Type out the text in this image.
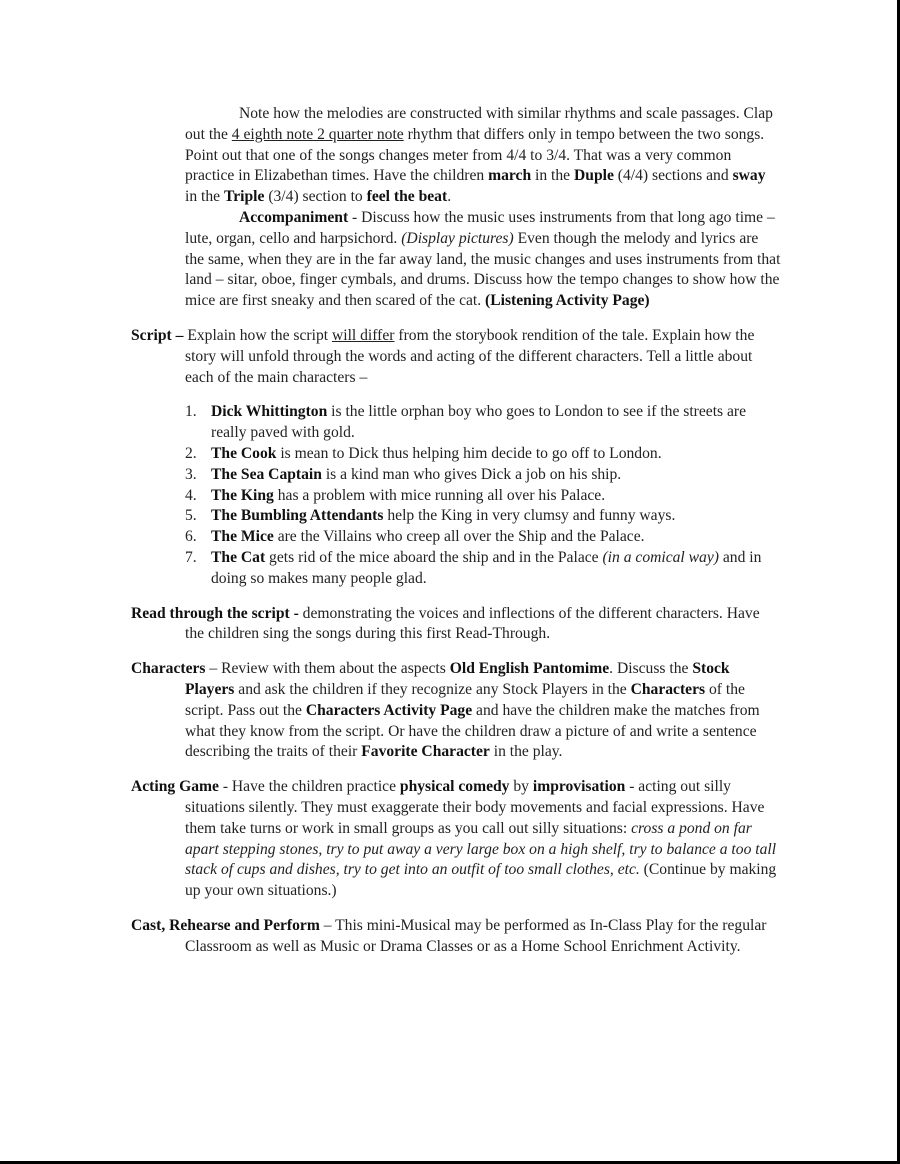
Note how the melodies are constructed with similar rhythms and scale passages. Clap out the 4 eighth note 2 quarter note rhythm that differs only in tempo between the two songs. Point out that one of the songs changes meter from 4/4 to 3/4. That was a very common practice in Elizabethan times. Have the children march in the Duple (4/4) sections and sway in the Triple (3/4) section to feel the beat.

Accompaniment - Discuss how the music uses instruments from that long ago time – lute, organ, cello and harpsichord. (Display pictures) Even though the melody and lyrics are the same, when they are in the far away land, the music changes and uses instruments from that land – sitar, oboe, finger cymbals, and drums. Discuss how the tempo changes to show how the mice are first sneaky and then scared of the cat. (Listening Activity Page)

Script – Explain how the script will differ from the storybook rendition of the tale. Explain how the story will unfold through the words and acting of the different characters. Tell a little about each of the main characters –

1. Dick Whittington is the little orphan boy who goes to London to see if the streets are really paved with gold.
2. The Cook is mean to Dick thus helping him decide to go off to London.
3. The Sea Captain is a kind man who gives Dick a job on his ship.
4. The King has a problem with mice running all over his Palace.
5. The Bumbling Attendants help the King in very clumsy and funny ways.
6. The Mice are the Villains who creep all over the Ship and the Palace.
7. The Cat gets rid of the mice aboard the ship and in the Palace (in a comical way) and in doing so makes many people glad.

Read through the script - demonstrating the voices and inflections of the different characters. Have the children sing the songs during this first Read-Through.

Characters – Review with them about the aspects Old English Pantomime. Discuss the Stock Players and ask the children if they recognize any Stock Players in the Characters of the script. Pass out the Characters Activity Page and have the children make the matches from what they know from the script. Or have the children draw a picture of and write a sentence describing the traits of their Favorite Character in the play.

Acting Game - Have the children practice physical comedy by improvisation - acting out silly situations silently. They must exaggerate their body movements and facial expressions. Have them take turns or work in small groups as you call out silly situations: cross a pond on far apart stepping stones, try to put away a very large box on a high shelf, try to balance a too tall stack of cups and dishes, try to get into an outfit of too small clothes, etc. (Continue by making up your own situations.)

Cast, Rehearse and Perform – This mini-Musical may be performed as In-Class Play for the regular Classroom as well as Music or Drama Classes or as a Home School Enrichment Activity.
